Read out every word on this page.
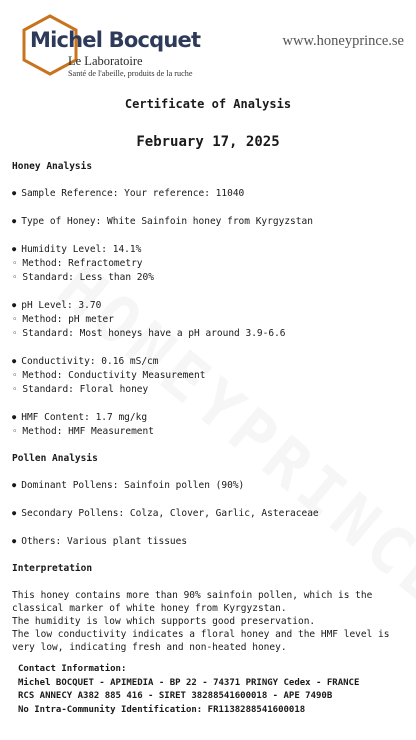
Michel Bocquet
Le Laboratoire
Santé de l'abeille, produits de la ruche
www.honeyprince.se
Certificate of Analysis
February 17, 2025
Honey Analysis
● Sample Reference: Your reference: 11040
● Type of Honey: White Sainfoin honey from Kyrgyzstan
● Humidity Level: 14.1%
◦ Method: Refractometry
◦ Standard: Less than 20%
● pH Level: 3.70
◦ Method: pH meter
◦ Standard: Most honeys have a pH around 3.9-6.6
● Conductivity: 0.16 mS/cm
◦ Method: Conductivity Measurement
◦ Standard: Floral honey
● HMF Content: 1.7 mg/kg
◦ Method: HMF Measurement
Pollen Analysis
● Dominant Pollens: Sainfoin pollen (90%)
● Secondary Pollens: Colza, Clover, Garlic, Asteraceae
● Others: Various plant tissues
Interpretation
This honey contains more than 90% sainfoin pollen, which is the classical marker of white honey from Kyrgyzstan.
The humidity is low which supports good preservation.
The low conductivity indicates a floral honey and the HMF level is very low, indicating fresh and non-heated honey.
Contact Information:
Michel BOCQUET - APIMEDIA - BP 22 - 74371 PRINGY Cedex - FRANCE
RCS ANNECY A382 885 416 - SIRET 38288541600018 - APE 7490B
No Intra-Community Identification: FR1138288541600018
